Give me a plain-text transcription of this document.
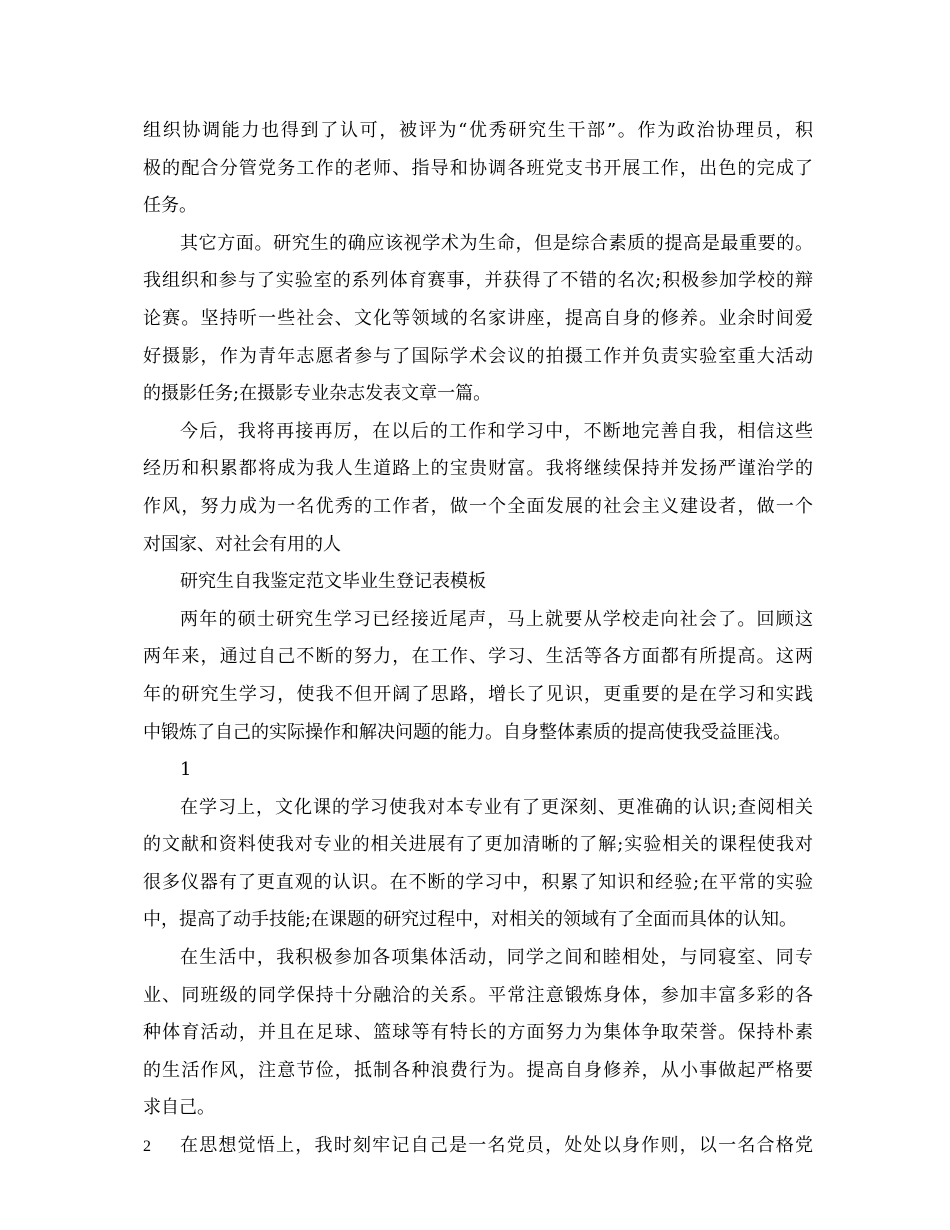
组织协调能力也得到了认可，被评为“优秀研究生干部”。作为政治协理员，积
极的配合分管党务工作的老师、指导和协调各班党支书开展工作，出色的完成了
任务。
其它方面。研究生的确应该视学术为生命，但是综合素质的提高是最重要的。
我组织和参与了实验室的系列体育赛事，并获得了不错的名次;积极参加学校的辩
论赛。坚持听一些社会、文化等领域的名家讲座，提高自身的修养。业余时间爱
好摄影，作为青年志愿者参与了国际学术会议的拍摄工作并负责实验室重大活动
的摄影任务;在摄影专业杂志发表文章一篇。
今后，我将再接再厉，在以后的工作和学习中，不断地完善自我，相信这些
经历和积累都将成为我人生道路上的宝贵财富。我将继续保持并发扬严谨治学的
作风，努力成为一名优秀的工作者，做一个全面发展的社会主义建设者，做一个
对国家、对社会有用的人
研究生自我鉴定范文毕业生登记表模板
两年的硕士研究生学习已经接近尾声，马上就要从学校走向社会了。回顾这
两年来，通过自己不断的努力，在工作、学习、生活等各方面都有所提高。这两
年的研究生学习，使我不但开阔了思路，增长了见识，更重要的是在学习和实践
中锻炼了自己的实际操作和解决问题的能力。自身整体素质的提高使我受益匪浅。
1
在学习上，文化课的学习使我对本专业有了更深刻、更准确的认识;查阅相关
的文献和资料使我对专业的相关进展有了更加清晰的了解;实验相关的课程使我对
很多仪器有了更直观的认识。在不断的学习中，积累了知识和经验;在平常的实验
中，提高了动手技能;在课题的研究过程中，对相关的领域有了全面而具体的认知。
在生活中，我积极参加各项集体活动，同学之间和睦相处，与同寝室、同专
业、同班级的同学保持十分融洽的关系。平常注意锻炼身体，参加丰富多彩的各
种体育活动，并且在足球、篮球等有特长的方面努力为集体争取荣誉。保持朴素
的生活作风，注意节俭，抵制各种浪费行为。提高自身修养，从小事做起严格要
求自己。
在思想觉悟上，我时刻牢记自己是一名党员，处处以身作则，以一名合格党
2
